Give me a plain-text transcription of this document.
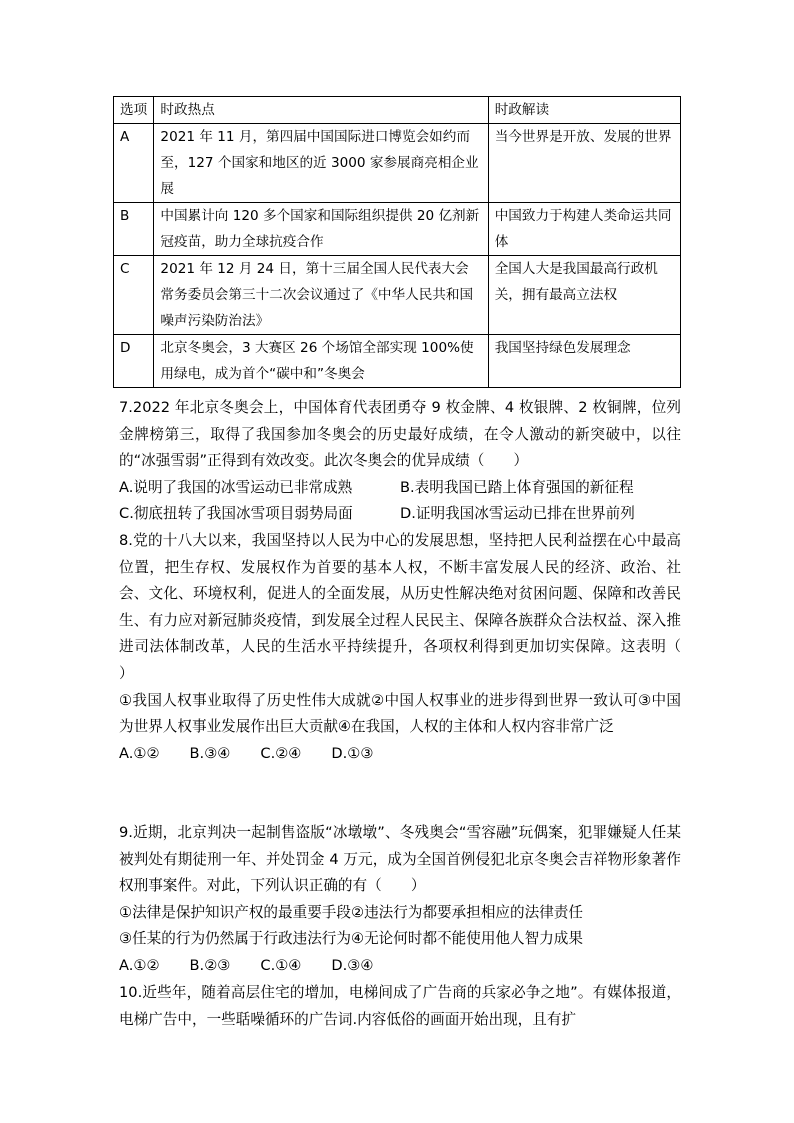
选项	时政热点	时政解读
A	2021 年 11 月，第四届中国国际进口博览会如约而至，127 个国家和地区的近 3000 家参展商亮相企业展	当今世界是开放、发展的世界
B	中国累计向 120 多个国家和国际组织提供 20 亿剂新冠疫苗，助力全球抗疫合作	中国致力于构建人类命运共同体
C	2021 年 12 月 24 日，第十三届全国人民代表大会常务委员会第三十二次会议通过了《中华人民共和国噪声污染防治法》	全国人大是我国最高行政机关，拥有最高立法权
D	北京冬奥会，3 大赛区 26 个场馆全部实现 100%使用绿电，成为首个“碳中和”冬奥会	我国坚持绿色发展理念

7.2022 年北京冬奥会上，中国体育代表团勇夺 9 枚金牌、4 枚银牌、2 枚铜牌，位列金牌榜第三，取得了我国参加冬奥会的历史最好成绩，在令人激动的新突破中，以往的“冰强雪弱”正得到有效改变。此次冬奥会的优异成绩（　　）

A.说明了我国的冰雪运动已非常成熟	B.表明我国已踏上体育强国的新征程
C.彻底扭转了我国冰雪项目弱势局面	D.证明我国冰雪运动已排在世界前列

8.党的十八大以来，我国坚持以人民为中心的发展思想，坚持把人民利益摆在心中最高位置，把生存权、发展权作为首要的基本人权，不断丰富发展人民的经济、政治、社会、文化、环境权利，促进人的全面发展，从历史性解决绝对贫困问题、保障和改善民生、有力应对新冠肺炎疫情，到发展全过程人民民主、保障各族群众合法权益、深入推进司法体制改革，人民的生活水平持续提升，各项权利得到更加切实保障。这表明（　　）

①我国人权事业取得了历史性伟大成就②中国人权事业的进步得到世界一致认可③中国为世界人权事业发展作出巨大贡献④在我国，人权的主体和人权内容非常广泛

A.①② B.③④ C.②④ D.①③

9.近期，北京判决一起制售盗版“冰墩墩”、冬残奥会“雪容融”玩偶案，犯罪嫌疑人任某被判处有期徒刑一年、并处罚金 4 万元，成为全国首例侵犯北京冬奥会吉祥物形象著作权刑事案件。对此，下列认识正确的有（　　）

①法律是保护知识产权的最重要手段②违法行为都要承担相应的法律责任

③任某的行为仍然属于行政违法行为④无论何时都不能使用他人智力成果

A.①② B.②③ C.①④ D.③④

10.近些年，随着高层住宅的增加，电梯间成了广告商的兵家必争之地”。有媒体报道，电梯广告中，一些聒噪循环的广告词.内容低俗的画面开始出现，且有扩
